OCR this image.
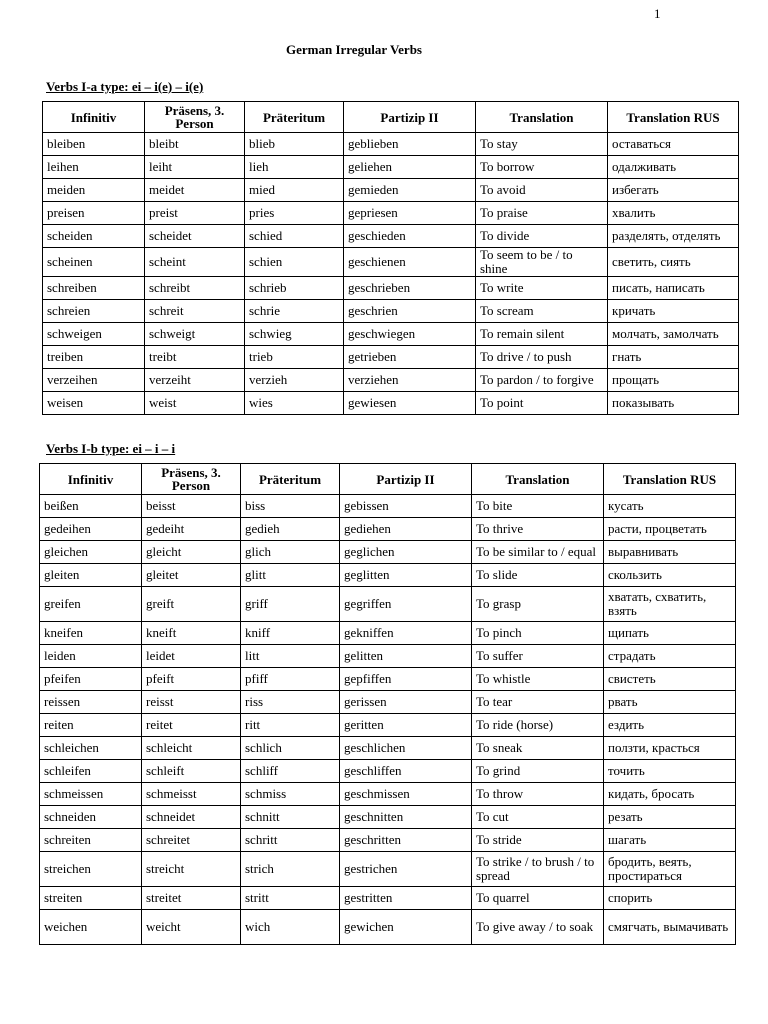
1
German Irregular Verbs
Verbs I-a type: ei – i(e) – i(e)
Infinitiv	Präsens, 3. Person	Präteritum	Partizip II	Translation	Translation RUS
bleiben	bleibt	blieb	geblieben	To stay	оставаться
leihen	leiht	lieh	geliehen	To borrow	одалживать
meiden	meidet	mied	gemieden	To avoid	избегать
preisen	preist	pries	gepriesen	To praise	хвалить
scheiden	scheidet	schied	geschieden	To divide	разделять, отделять
scheinen	scheint	schien	geschienen	To seem to be / to shine	светить, сиять
schreiben	schreibt	schrieb	geschrieben	To write	писать, написать
schreien	schreit	schrie	geschrien	To scream	кричать
schweigen	schweigt	schwieg	geschwiegen	To remain silent	молчать, замолчать
treiben	treibt	trieb	getrieben	To drive / to push	гнать
verzeihen	verzeiht	verzieh	verziehen	To pardon / to forgive	прощать
weisen	weist	wies	gewiesen	To point	показывать
Verbs I-b type: ei – i – i
Infinitiv	Präsens, 3. Person	Präteritum	Partizip II	Translation	Translation RUS
beißen	beisst	biss	gebissen	To bite	кусать
gedeihen	gedeiht	gedieh	gediehen	To thrive	расти, процветать
gleichen	gleicht	glich	geglichen	To be similar to / equal	выравнивать
gleiten	gleitet	glitt	geglitten	To slide	скользить
greifen	greift	griff	gegriffen	To grasp	хватать, схватить, взять
kneifen	kneift	kniff	gekniffen	To pinch	щипать
leiden	leidet	litt	gelitten	To suffer	страдать
pfeifen	pfeift	pfiff	gepfiffen	To whistle	свистеть
reissen	reisst	riss	gerissen	To tear	рвать
reiten	reitet	ritt	geritten	To ride (horse)	ездить
schleichen	schleicht	schlich	geschlichen	To sneak	ползти, красться
schleifen	schleift	schliff	geschliffen	To grind	точить
schmeissen	schmeisst	schmiss	geschmissen	To throw	кидать, бросать
schneiden	schneidet	schnitt	geschnitten	To cut	резать
schreiten	schreitet	schritt	geschritten	To stride	шагать
streichen	streicht	strich	gestrichen	To strike / to brush / to spread	бродить, веять, простираться
streiten	streitet	stritt	gestritten	To quarrel	спорить
weichen	weicht	wich	gewichen	To give away / to soak	смягчать, вымачивать
